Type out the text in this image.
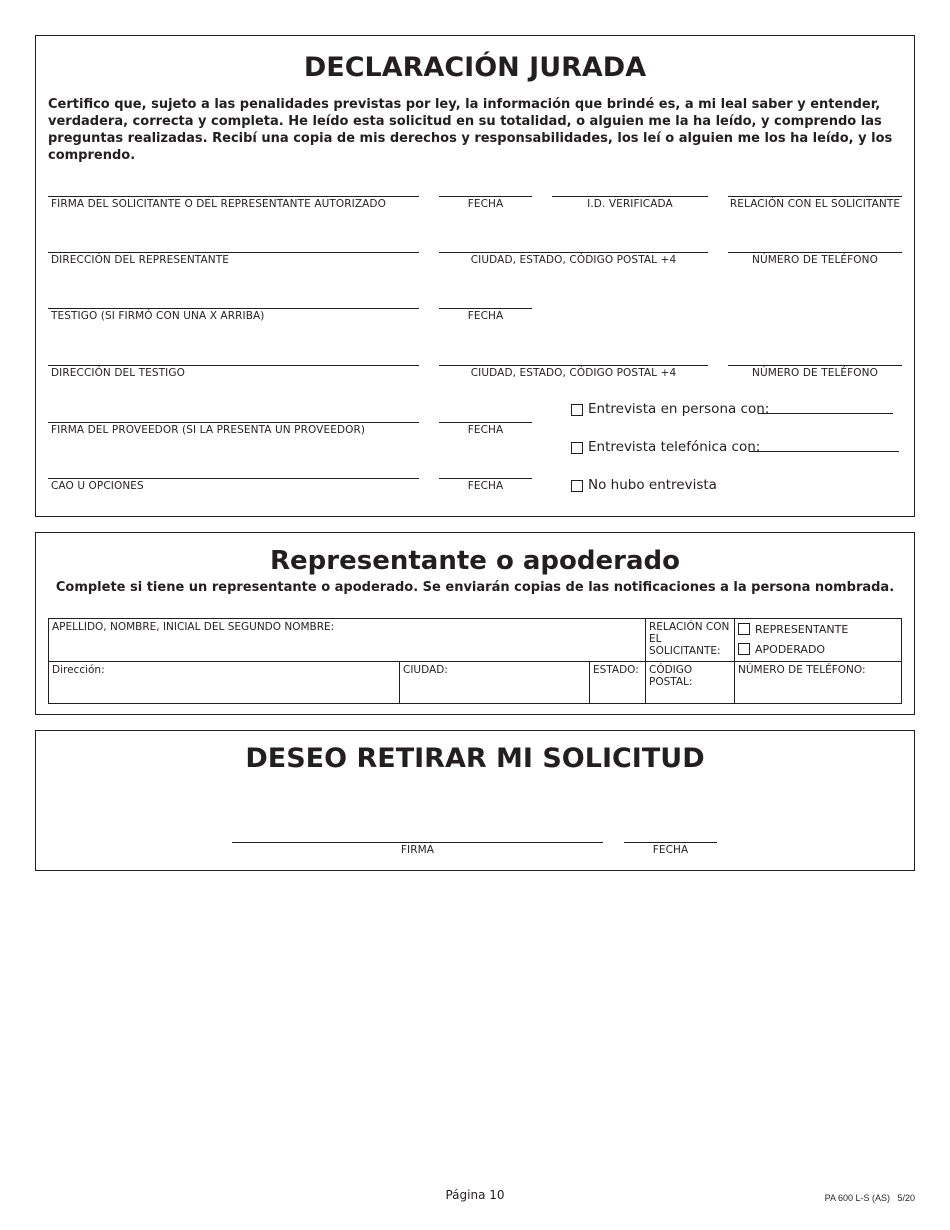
DECLARACIÓN JURADA
Certifico que, sujeto a las penalidades previstas por ley, la información que brindé es, a mi leal saber y entender, verdadera, correcta y completa. He leído esta solicitud en su totalidad, o alguien me la ha leído, y comprendo las preguntas realizadas. Recibí una copia de mis derechos y responsabilidades, los leí o alguien me los ha leído, y los comprendo.
FIRMA DEL SOLICITANTE O DEL REPRESENTANTE AUTORIZADO	FECHA	I.D. VERIFICADA	RELACIÓN CON EL SOLICITANTE
DIRECCIÓN DEL REPRESENTANTE	CIUDAD, ESTADO, CÓDIGO POSTAL +4	NÚMERO DE TELÉFONO
TESTIGO (SI FIRMÓ CON UNA X ARRIBA)	FECHA
DIRECCIÓN DEL TESTIGO	CIUDAD, ESTADO, CÓDIGO POSTAL +4	NÚMERO DE TELÉFONO
FIRMA DEL PROVEEDOR (SI LA PRESENTA UN PROVEEDOR)	FECHA
CAO U OPCIONES	FECHA
Entrevista en persona con:
Entrevista telefónica con:
No hubo entrevista
Representante o apoderado
Complete si tiene un representante o apoderado. Se enviarán copias de las notificaciones a la persona nombrada.
APELLIDO, NOMBRE, INICIAL DEL SEGUNDO NOMBRE:			RELACIÓN CON EL SOLICITANTE:	REPRESENTANTE
APODERADO

Dirección:	CIUDAD:	ESTADO:	CÓDIGO POSTAL:	NÚMERO DE TELÉFONO:
DESEO RETIRAR MI SOLICITUD
FIRMA	FECHA
Página 10	PA 600 L-S (AS)   5/20
